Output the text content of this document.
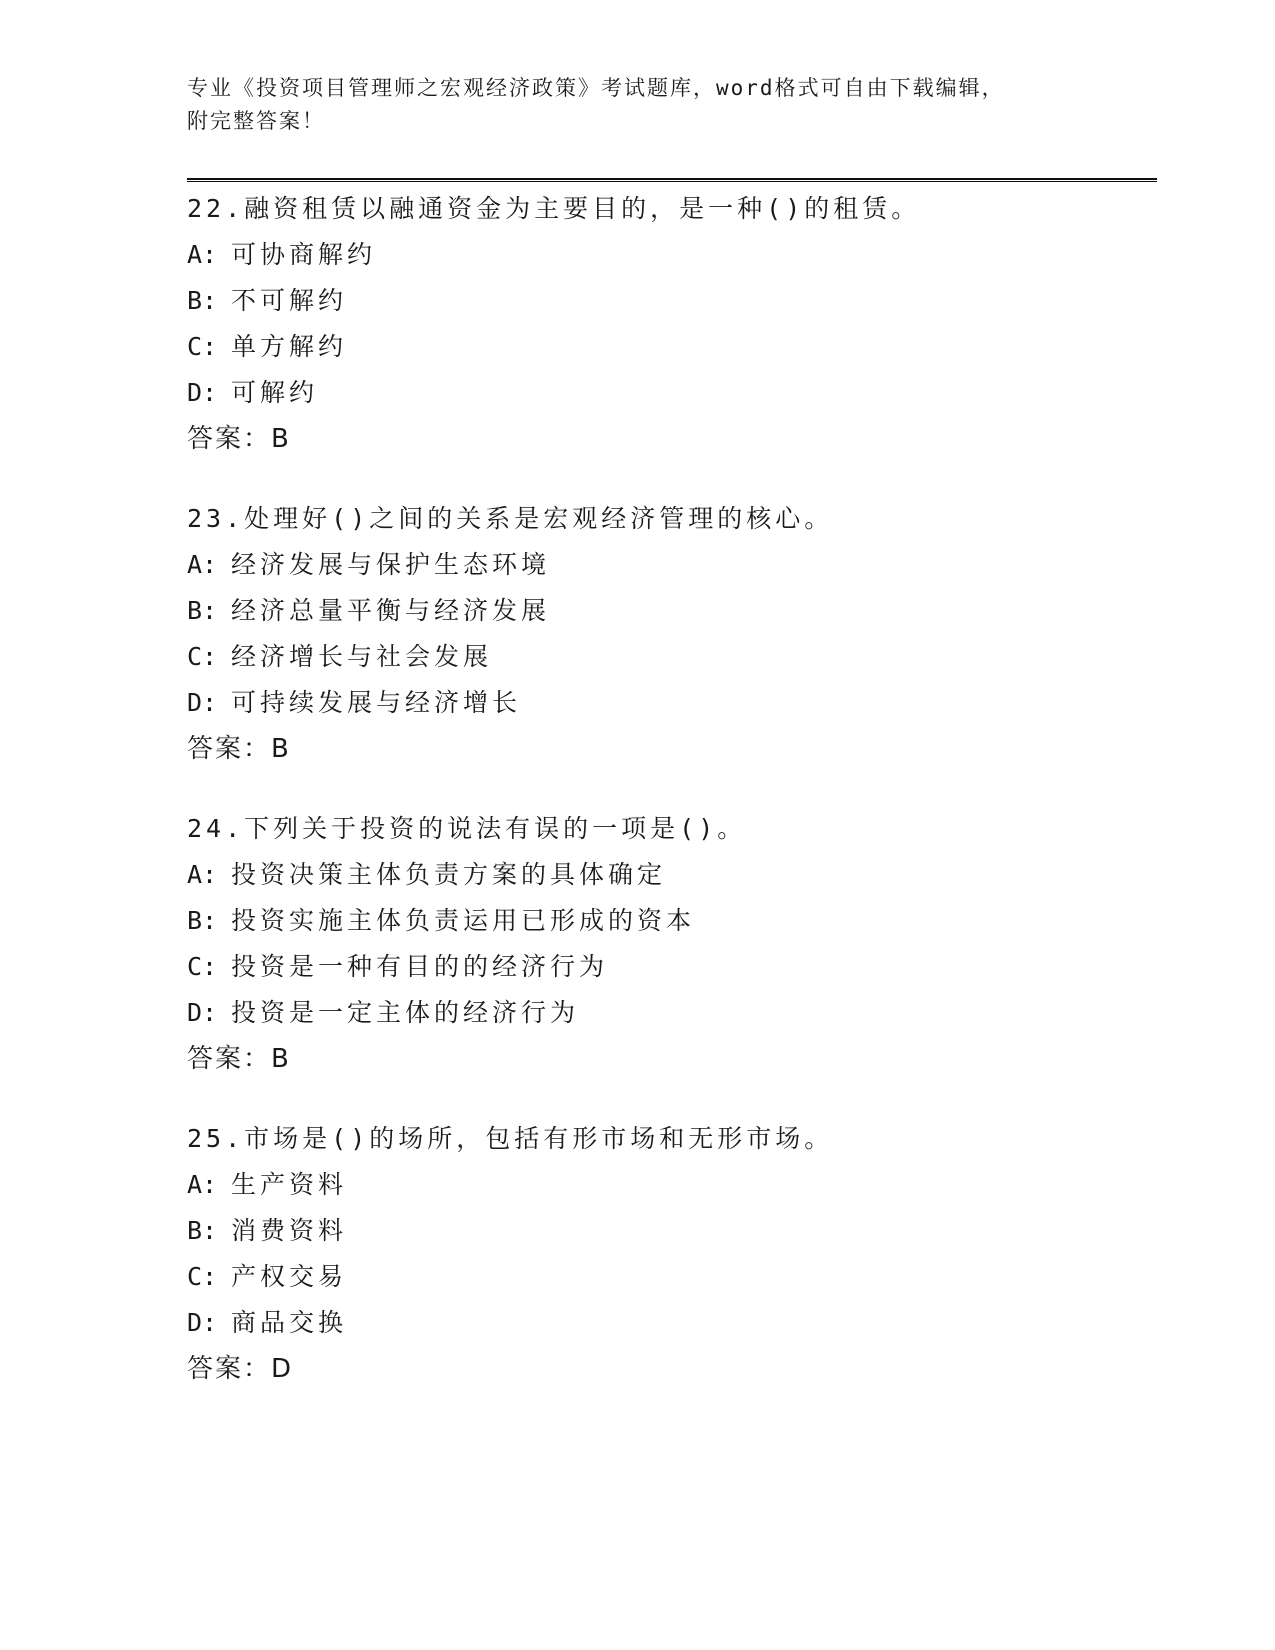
专业《投资项目管理师之宏观经济政策》考试题库，word格式可自由下载编辑，
附完整答案！
22.融资租赁以融通资金为主要目的，是一种()的租赁。
A: 可协商解约
B: 不可解约
C: 单方解约
D: 可解约
答案：B
23.处理好()之间的关系是宏观经济管理的核心。
A: 经济发展与保护生态环境
B: 经济总量平衡与经济发展
C: 经济增长与社会发展
D: 可持续发展与经济增长
答案：B
24.下列关于投资的说法有误的一项是()。
A: 投资决策主体负责方案的具体确定
B: 投资实施主体负责运用已形成的资本
C: 投资是一种有目的的经济行为
D: 投资是一定主体的经济行为
答案：B
25.市场是()的场所，包括有形市场和无形市场。
A: 生产资料
B: 消费资料
C: 产权交易
D: 商品交换
答案：D
